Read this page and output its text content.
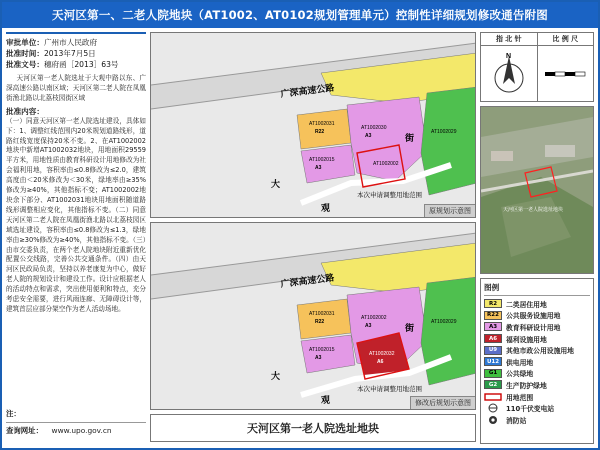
天河区第一、二老人院地块（AT1002、AT0102规划管理单元）控制性详细规划修改通告附图
审批单位：广州市人民政府
批准时间：2013年7月5日
批准文号：穗府函［2013］63号
天河区第一老人院选址于大观中路以东、广深高速公路以南区域；天河区第二老人院在凤凰街渔北路以北荔枝园街区域
批准内容：
（一）同意天河区第一老人院选址建设，具体如下：1、调整红线范围内20米规划道路线形，道路红线宽度保持20米不变。2、在AT1002002地块中新增AT1002032地块，用地面积29559平方米，用地性质由教育科研设计用地修改为社会福利用地，容积率由≤0.8修改为≤2.0，建筑高度由＜20米修改为＜30米，绿地率由≥35%修改为≥40%，其他指标不变；AT1002002地块余下部分、AT1002031地块用地面积随道路线形调整相应变化，其他指标不变。（二）同意天河区第二老人院在凤凰街渔北路以北荔枝园区域选址建设，容积率由≤0.8修改为≤1.3，绿地率由≥30%修改为≥40%，其他指标不变。（三）由市交委负责，在两个老人院地块附近重新优化配置公交线路，完善公共交通条件。（四）由天河区民政局负责，坚持以养老康复为中心，做好老人院的规划设计和建设工作。设计应根据老人的活动特点和需求，突出使用便利和特点，充分考虑安全需要，进行风雨连廊、无障碍设计等，建筑首层应部分架空作为老人活动场地。
注：
查询网址： www.upo.gov.cn
广深高速公路
街
大
观
本次申请调整用地范围
AT1002031
AT1002030
AT1002002
AT1002015
AT1002029
R22
A3
A3
原规划示意图
广深高速公路
街
大
观
本次申请调整用地范围
AT1002031
AT1002032
AT1002002
AT1002015
AT1002029
R22
A3
A6
A3
修改后规划示意图
天河区第一老人院选址地块
指 北 针	比 例 尺
N
天河区第一老人院选址地块
图例
R2	二类居住用地
R22	公共服务设施用地
A3	教育科研设计用地
A6	福利设施用地
U9	其他市政公用设施用地
U12	供电用地
G1	公共绿地
G2	生产防护绿地
用地范围
110千伏变电站
消防站
